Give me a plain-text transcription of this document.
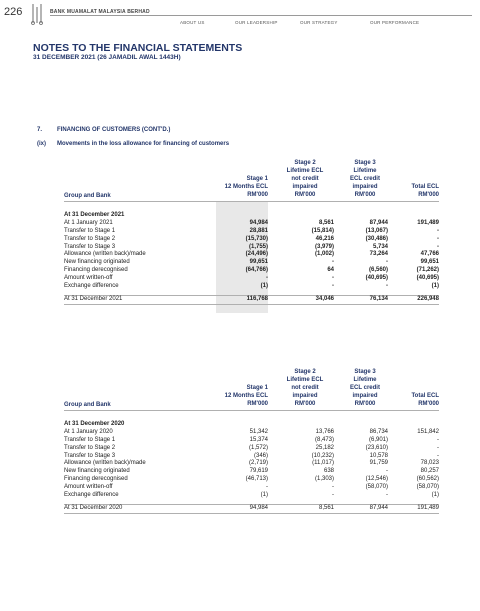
226	BANK MUAMALAT MALAYSIA BERHAD
ABOUT US	OUR LEADERSHIP	OUR STRATEGY	OUR PERFORMANCE
NOTES TO THE FINANCIAL STATEMENTS
31 DECEMBER 2021 (26 JAMADIL AWAL 1443H)
7. FINANCING OF CUSTOMERS (CONT'D.)
(ix) Movements in the loss allowance for financing of customers
Group and Bank
Stage 1
12 Months ECL
RM'000
Stage 2
Lifetime ECL
not credit
impaired
RM'000
Stage 3
Lifetime
ECL credit
impaired
RM'000
Total ECL
RM'000
At 31 December 2021
At 1 January 2021	94,984	8,561	87,944	191,489
Transfer to Stage 1	28,881	(15,814)	(13,067)	-
Transfer to Stage 2	(15,730)	46,216	(30,486)	-
Transfer to Stage 3	(1,755)	(3,979)	5,734	-
Allowance (written back)/made	(24,496)	(1,002)	73,264	47,766
New financing originated	99,651	-	-	99,651
Financing derecognised	(64,766)	64	(6,560)	(71,262)
Amount written-off	-	-	(40,695)	(40,695)
Exchange difference	(1)	-	-	(1)
At 31 December 2021	116,768	34,046	76,134	226,948
Group and Bank
Stage 1
12 Months ECL
RM'000
Stage 2
Lifetime ECL
not credit
impaired
RM'000
Stage 3
Lifetime
ECL credit
impaired
RM'000
Total ECL
RM'000
At 31 December 2020
At 1 January 2020	51,342	13,766	86,734	151,842
Transfer to Stage 1	15,374	(8,473)	(6,901)	-
Transfer to Stage 2	(1,572)	25,182	(23,610)	-
Transfer to Stage 3	(346)	(10,232)	10,578	-
Allowance (written back)/made	(2,719)	(11,017)	91,759	78,023
New financing originated	79,619	638	-	80,257
Financing derecognised	(46,713)	(1,303)	(12,546)	(60,562)
Amount written-off	-	-	(58,070)	(58,070)
Exchange difference	(1)	-	-	(1)
At 31 December 2020	94,984	8,561	87,944	191,489
